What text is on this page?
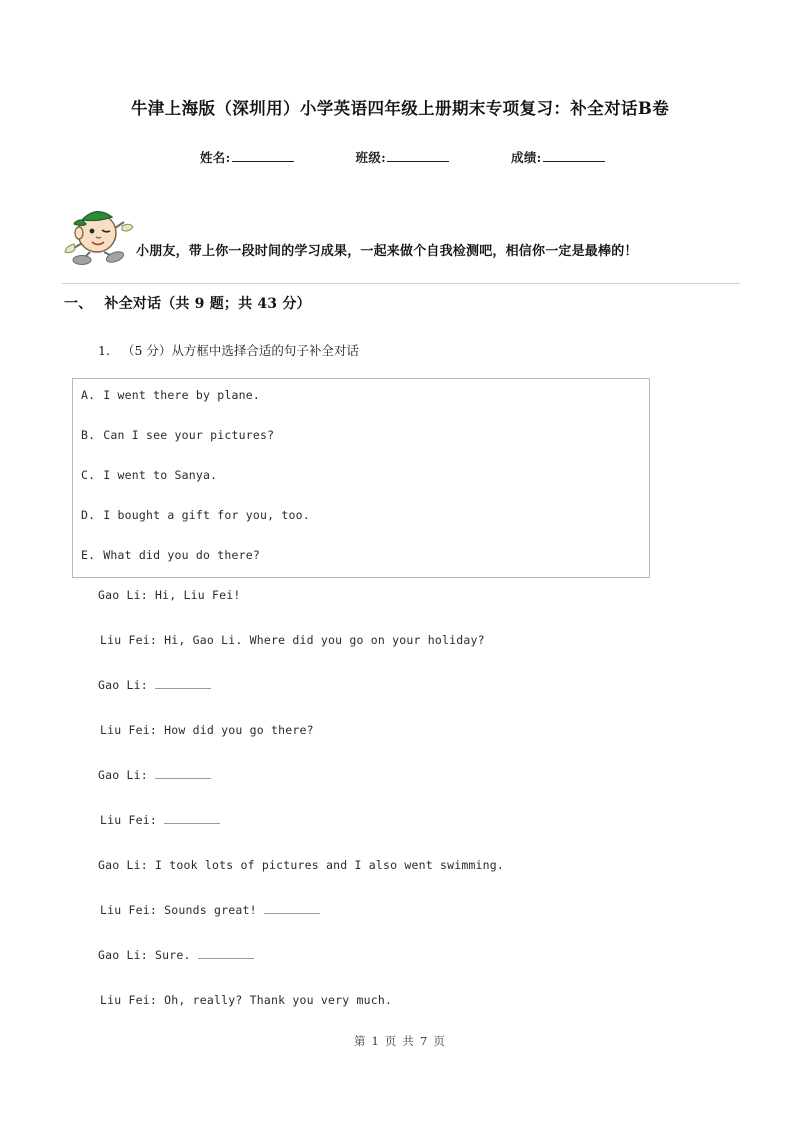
牛津上海版（深圳用）小学英语四年级上册期末专项复习：补全对话B卷
姓名:	班级:	成绩:
小朋友，带上你一段时间的学习成果，一起来做个自我检测吧，相信你一定是最棒的！
一、 补全对话（共 9 题；共 43 分）
1. （5 分）从方框中选择合适的句子补全对话
A. I went there by plane.
B. Can I see your pictures?
C. I went to Sanya.
D. I bought a gift for you, too.
E. What did you do there?
Gao Li:
Hi, Liu Fei!
Liu Fei:
Hi, Gao Li. Where did you go on your holiday?
Gao Li:
Liu Fei:
How did you go there?
Gao Li:
Liu Fei:
Gao Li:
I took lots of pictures and I also went swimming.
Liu Fei:
Sounds great!
Gao Li:
Sure.
Liu Fei:
Oh, really? Thank you very much.
第 1 页 共 7 页
